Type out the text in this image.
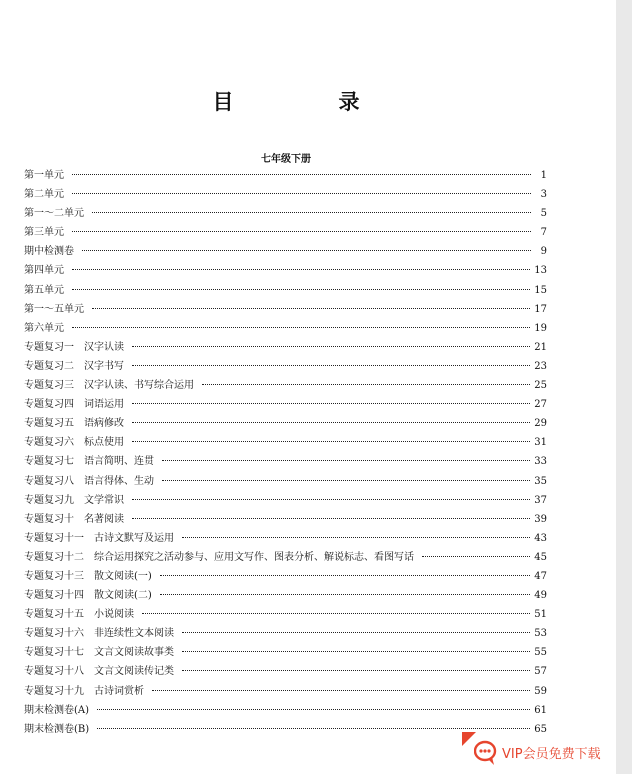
目　录
七年级下册
第一单元	1
第二单元	3
第一～二单元	5
第三单元	7
期中检测卷	9
第四单元	13
第五单元	15
第一～五单元	17
第六单元	19
专题复习一　汉字认读	21
专题复习二　汉字书写	23
专题复习三　汉字认读、书写综合运用	25
专题复习四　词语运用	27
专题复习五　语病修改	29
专题复习六　标点使用	31
专题复习七　语言简明、连贯	33
专题复习八　语言得体、生动	35
专题复习九　文学常识	37
专题复习十　名著阅读	39
专题复习十一　古诗文默写及运用	43
专题复习十二　综合运用探究之活动参与、应用文写作、图表分析、解说标志、看图写话	45
专题复习十三　散文阅读(一)	47
专题复习十四　散文阅读(二)	49
专题复习十五　小说阅读	51
专题复习十六　非连续性文本阅读	53
专题复习十七　文言文阅读故事类	55
专题复习十八　文言文阅读传记类	57
专题复习十九　古诗词赏析	59
期末检测卷(A)	61
期末检测卷(B)	65
VIP会员免费下载
